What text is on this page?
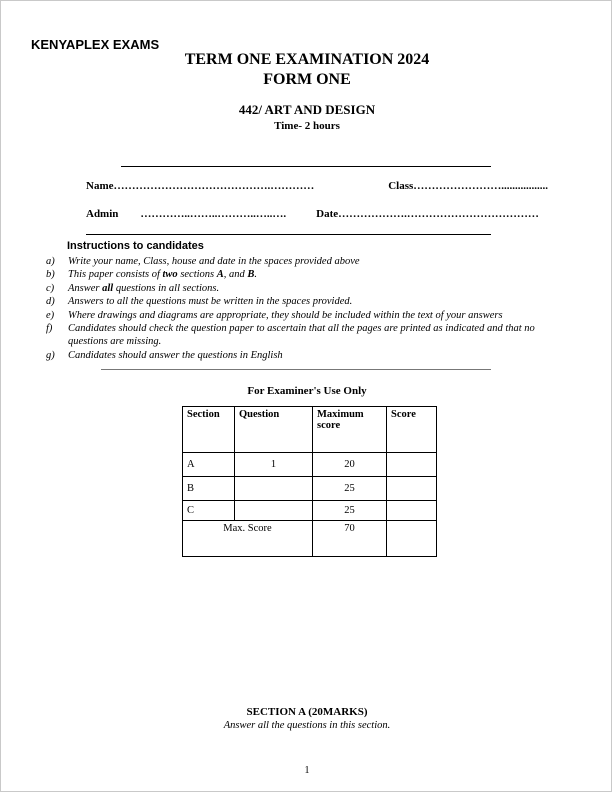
KENYAPLEX EXAMS
TERM ONE EXAMINATION 2024
FORM ONE
442/ ART AND DESIGN
Time- 2 hours
Name…………………………………….…………	Class…………………….................
Admin …………..……..………..…..….	Date……………….………………………………
Instructions to candidates
a)	Write your name, Class, house and date in the spaces provided above
b)	This paper consists of two sections A, and B.
c)	Answer all questions in all sections.
d)	Answers to all the questions must be written in the spaces provided.
e)	Where drawings and diagrams are appropriate, they should be included within the text of your answers
f)	Candidates should check the question paper to ascertain that all the pages are printed as indicated and that no questions are missing.
g)	Candidates should answer the questions in English
For Examiner's Use Only
Section	Question	Maximum score	Score
A	1	20	
B		25	
C		25	
Max. Score		70	
SECTION A (20MARKS)
Answer all the questions in this section.
1
